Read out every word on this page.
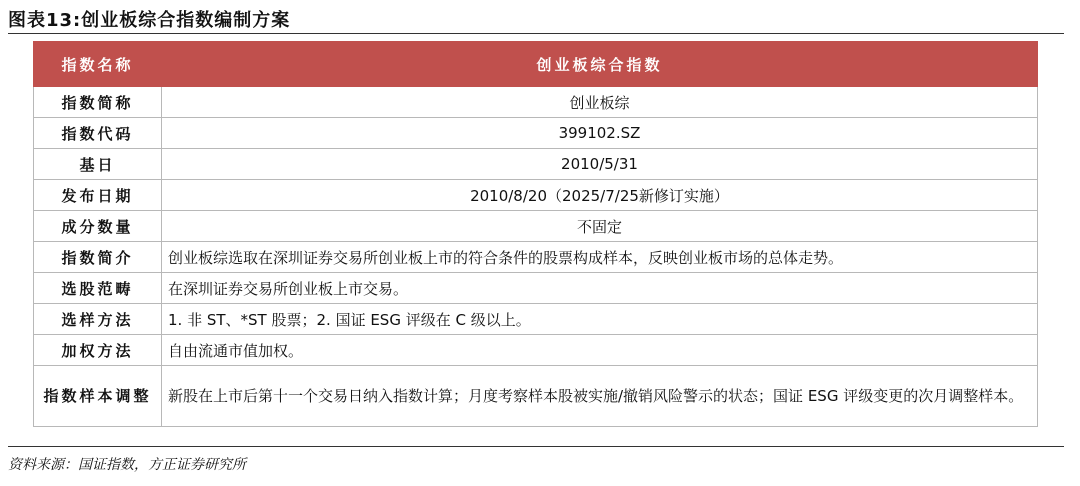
图表13:创业板综合指数编制方案
指数名称	创业板综合指数
指数简称	创业板综
指数代码	399102.SZ
基日	2010/5/31
发布日期	2010/8/20（2025/7/25新修订实施）
成分数量	不固定
指数简介	创业板综选取在深圳证券交易所创业板上市的符合条件的股票构成样本，反映创业板市场的总体走势。
选股范畴	在深圳证券交易所创业板上市交易。
选样方法	1. 非 ST、*ST 股票；2. 国证 ESG 评级在 C 级以上。
加权方法	自由流通市值加权。
指数样本调整	新股在上市后第十一个交易日纳入指数计算；月度考察样本股被实施/撤销风险警示的状态；国证 ESG 评级变更的次月调整样本。
资料来源：国证指数，方正证券研究所
